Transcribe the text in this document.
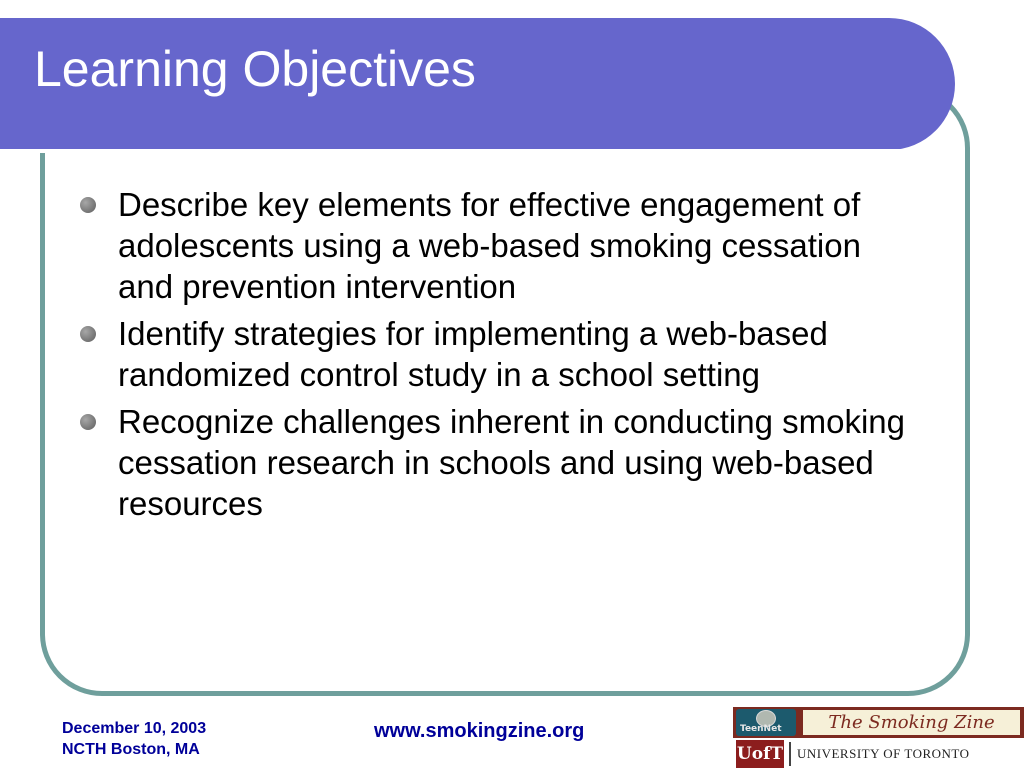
Learning Objectives
Describe key elements for effective engagement of adolescents using a web-based smoking cessation and prevention intervention
Identify strategies for implementing a web-based randomized control study in a school setting
Recognize challenges inherent in conducting smoking cessation research in schools and using web-based resources
December 10, 2003
NCTH Boston, MA
www.smokingzine.org	TeenNet	The Smoking Zine
UofT UNIVERSITY OF TORONTO
